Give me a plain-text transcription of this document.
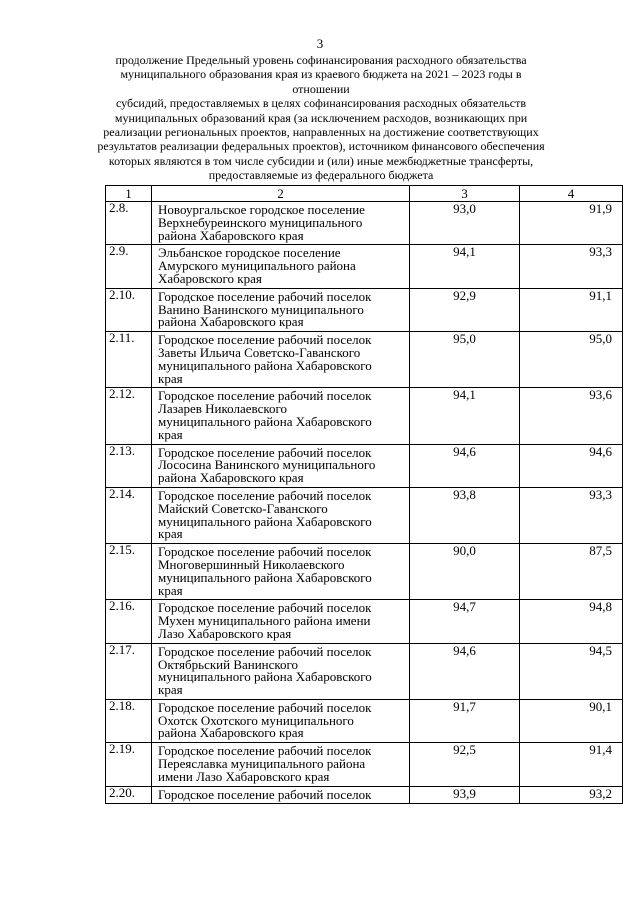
3
продолжение Предельный уровень софинансирования расходного обязательства
муниципального образования края из краевого бюджета на 2021 – 2023 годы в отношении
субсидий, предоставляемых в целях софинансирования расходных обязательств
муниципальных образований края (за исключением расходов, возникающих при
реализации региональных проектов, направленных на достижение соответствующих
результатов реализации федеральных проектов), источником финансового обеспечения
которых являются в том числе субсидии и (или) иные межбюджетные трансферты,
предоставляемые из федерального бюджета
1	2	3	4
2.8.	Новоургальское городское поселение
Верхнебуреинского муниципального
района Хабаровского края	93,0	91,9
2.9.	Эльбанское городское поселение
Амурского муниципального района
Хабаровского края	94,1	93,3
2.10.	Городское поселение рабочий поселок
Ванино Ванинского муниципального
района Хабаровского края	92,9	91,1
2.11.	Городское поселение рабочий поселок
Заветы Ильича Советско-Гаванского
муниципального района Хабаровского
края	95,0	95,0
2.12.	Городское поселение рабочий поселок
Лазарев Николаевского
муниципального района Хабаровского
края	94,1	93,6
2.13.	Городское поселение рабочий поселок
Лососина Ванинского муниципального
района Хабаровского края	94,6	94,6
2.14.	Городское поселение рабочий поселок
Майский Советско-Гаванского
муниципального района Хабаровского
края	93,8	93,3
2.15.	Городское поселение рабочий поселок
Многовершинный Николаевского
муниципального района Хабаровского
края	90,0	87,5
2.16.	Городское поселение рабочий поселок
Мухен муниципального района имени
Лазо Хабаровского края	94,7	94,8
2.17.	Городское поселение рабочий поселок
Октябрьский Ванинского
муниципального района Хабаровского
края	94,6	94,5
2.18.	Городское поселение рабочий поселок
Охотск Охотского муниципального
района Хабаровского края	91,7	90,1
2.19.	Городское поселение рабочий поселок
Переяславка муниципального района
имени Лазо Хабаровского края	92,5	91,4
2.20.	Городское поселение рабочий поселок	93,9	93,2
